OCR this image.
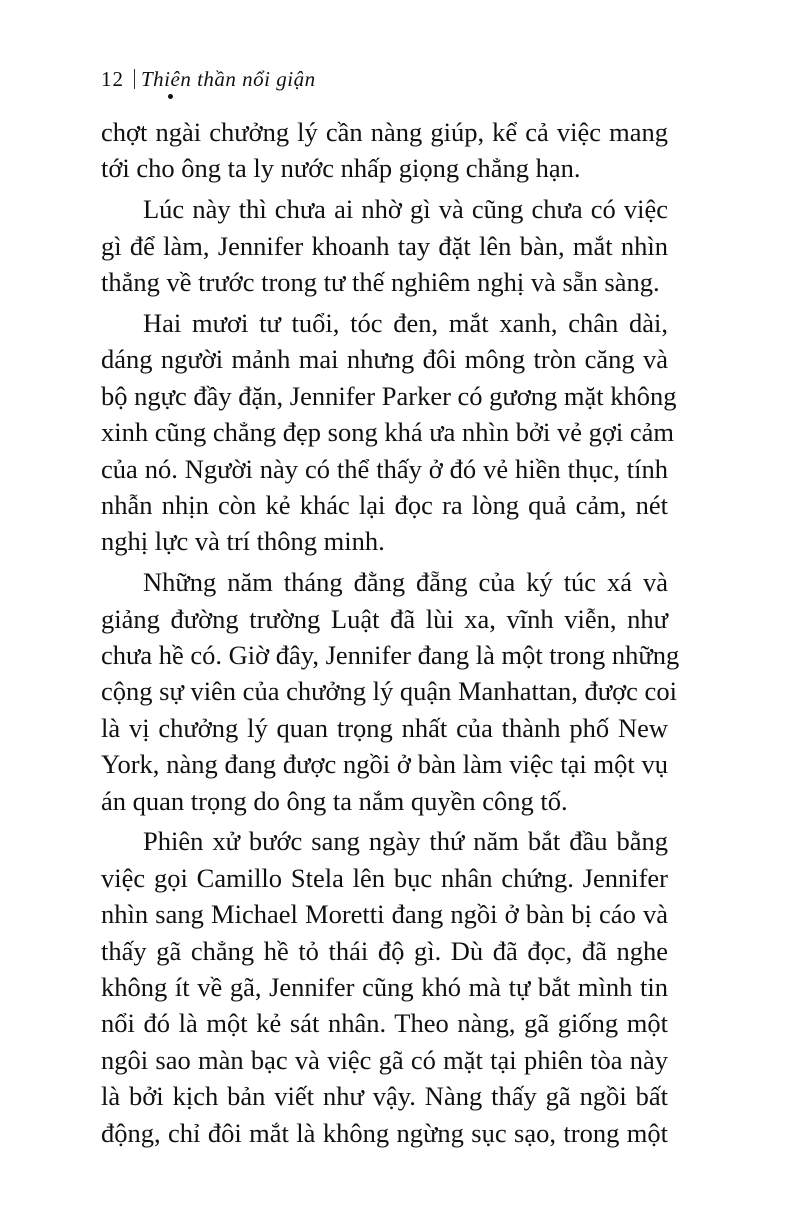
12 Thiên thần nổi giận
chợt ngài chưởng lý cần nàng giúp, kể cả việc mang
tới cho ông ta ly nước nhấp giọng chẳng hạn.
Lúc này thì chưa ai nhờ gì và cũng chưa có việc
gì để làm, Jennifer khoanh tay đặt lên bàn, mắt nhìn
thẳng về trước trong tư thế nghiêm nghị và sẵn sàng.
Hai mươi tư tuổi, tóc đen, mắt xanh, chân dài,
dáng người mảnh mai nhưng đôi mông tròn căng và
bộ ngực đầy đặn, Jennifer Parker có gương mặt không
xinh cũng chẳng đẹp song khá ưa nhìn bởi vẻ gợi cảm
của nó. Người này có thể thấy ở đó vẻ hiền thục, tính
nhẫn nhịn còn kẻ khác lại đọc ra lòng quả cảm, nét
nghị lực và trí thông minh.
Những năm tháng đằng đẵng của ký túc xá và
giảng đường trường Luật đã lùi xa, vĩnh viễn, như
chưa hề có. Giờ đây, Jennifer đang là một trong những
cộng sự viên của chưởng lý quận Manhattan, được coi
là vị chưởng lý quan trọng nhất của thành phố New
York, nàng đang được ngồi ở bàn làm việc tại một vụ
án quan trọng do ông ta nắm quyền công tố.
Phiên xử bước sang ngày thứ năm bắt đầu bằng
việc gọi Camillo Stela lên bục nhân chứng. Jennifer
nhìn sang Michael Moretti đang ngồi ở bàn bị cáo và
thấy gã chẳng hề tỏ thái độ gì. Dù đã đọc, đã nghe
không ít về gã, Jennifer cũng khó mà tự bắt mình tin
nổi đó là một kẻ sát nhân. Theo nàng, gã giống một
ngôi sao màn bạc và việc gã có mặt tại phiên tòa này
là bởi kịch bản viết như vậy. Nàng thấy gã ngồi bất
động, chỉ đôi mắt là không ngừng sục sạo, trong một
